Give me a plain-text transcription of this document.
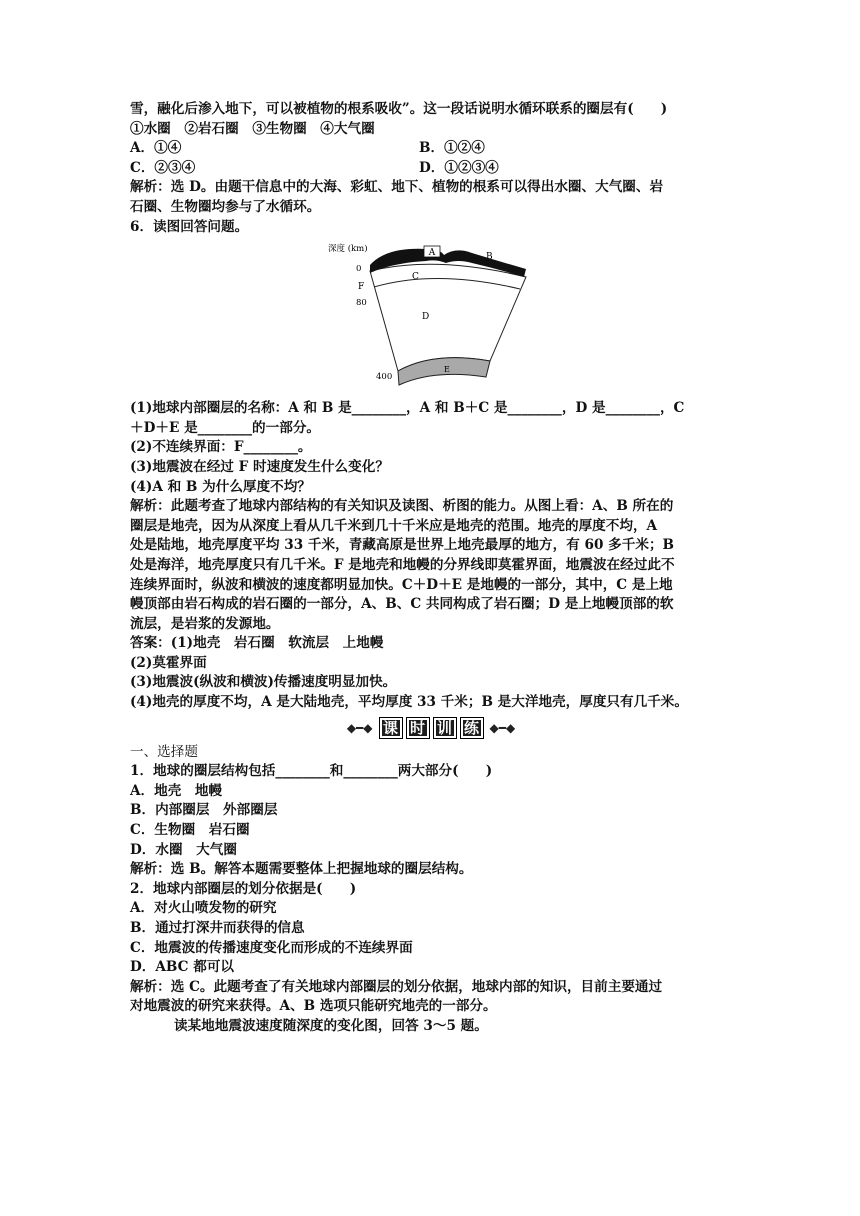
雪，融化后渗入地下，可以被植物的根系吸收”。这一段话说明水循环联系的圈层有(　　)
①水圈　②岩石圈　③生物圈　④大气圈
A．①④	B．①②④
C．②③④	D．①②③④
解析：选 D。由题干信息中的大海、彩虹、地下、植物的根系可以得出水圈、大气圈、岩
石圈、生物圈均参与了水循环。
6．读图回答问题。
A	B
C
D
E
F
深度 (km)
0
80
400
(1)地球内部圈层的名称：A 和 B 是________，A 和 B＋C 是________，D 是________，C
＋D＋E 是________的一部分。
(2)不连续界面：F________。
(3)地震波在经过 F 时速度发生什么变化？
(4)A 和 B 为什么厚度不均？
解析：此题考查了地球内部结构的有关知识及读图、析图的能力。从图上看：A、B 所在的
圈层是地壳，因为从深度上看从几千米到几十千米应是地壳的范围。地壳的厚度不均，A
处是陆地，地壳厚度平均 33 千米，青藏高原是世界上地壳最厚的地方，有 60 多千米；B
处是海洋，地壳厚度只有几千米。F 是地壳和地幔的分界线即莫霍界面，地震波在经过此不
连续界面时，纵波和横波的速度都明显加快。C＋D＋E 是地幔的一部分，其中，C 是上地
幔顶部由岩石构成的岩石圈的一部分，A、B、C 共同构成了岩石圈；D 是上地幔顶部的软
流层，是岩浆的发源地。
答案：(1)地壳　岩石圈　软流层　上地幔
(2)莫霍界面
(3)地震波(纵波和横波)传播速度明显加快。
(4)地壳的厚度不均，A 是大陆地壳，平均厚度 33 千米；B 是大洋地壳，厚度只有几千米。
◆━◆ 课 时 训 练 ◆━◆
一、选择题
1．地球的圈层结构包括________和________两大部分(　　)
A．地壳　地幔
B．内部圈层　外部圈层
C．生物圈　岩石圈
D．水圈　大气圈
解析：选 B。解答本题需要整体上把握地球的圈层结构。
2．地球内部圈层的划分依据是(　　)
A．对火山喷发物的研究
B．通过打深井而获得的信息
C．地震波的传播速度变化而形成的不连续界面
D．ABC 都可以
解析：选 C。此题考查了有关地球内部圈层的划分依据，地球内部的知识，目前主要通过
对地震波的研究来获得。A、B 选项只能研究地壳的一部分。
读某地地震波速度随深度的变化图，回答 3～5 题。
